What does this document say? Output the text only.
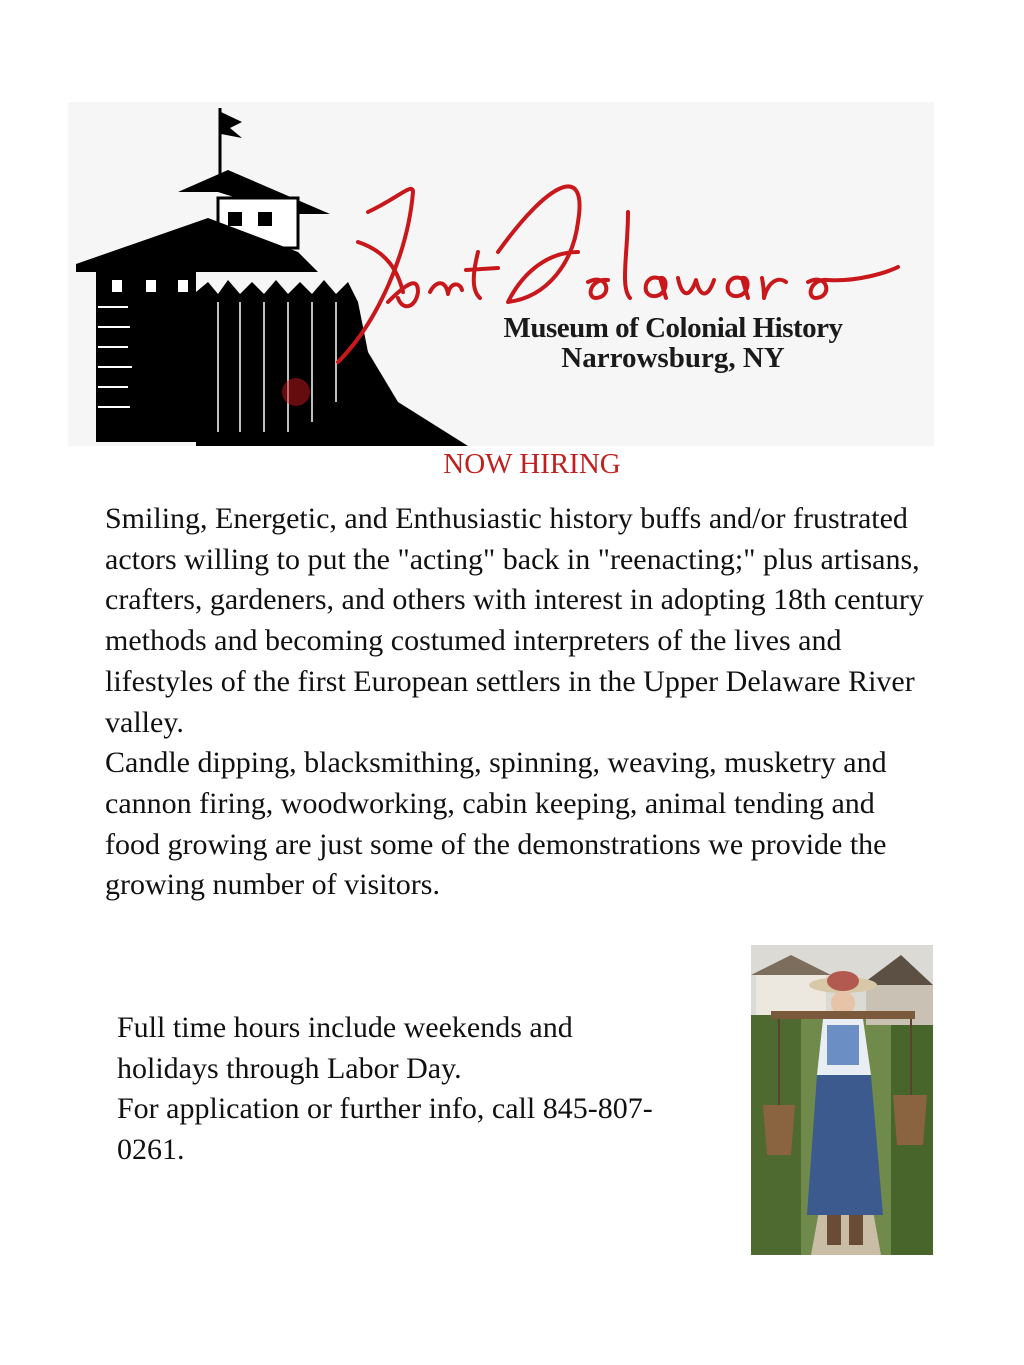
Museum of Colonial History
Narrowsburg, NY
NOW HIRING

Smiling, Energetic, and Enthusiastic history buffs and/or frustrated actors willing to put the "acting" back in "reenacting;" plus artisans, crafters, gardeners, and others with interest in adopting 18th century methods and becoming costumed interpreters of the lives and lifestyles of the first European settlers in the Upper Delaware River valley.

Candle dipping, blacksmithing, spinning, weaving, musketry and cannon firing, woodworking, cabin keeping, animal tending and food growing are just some of the demonstrations we provide the growing number of visitors.

Full time hours include weekends and holidays through Labor Day.

For application or further info, call 845-807-0261.
